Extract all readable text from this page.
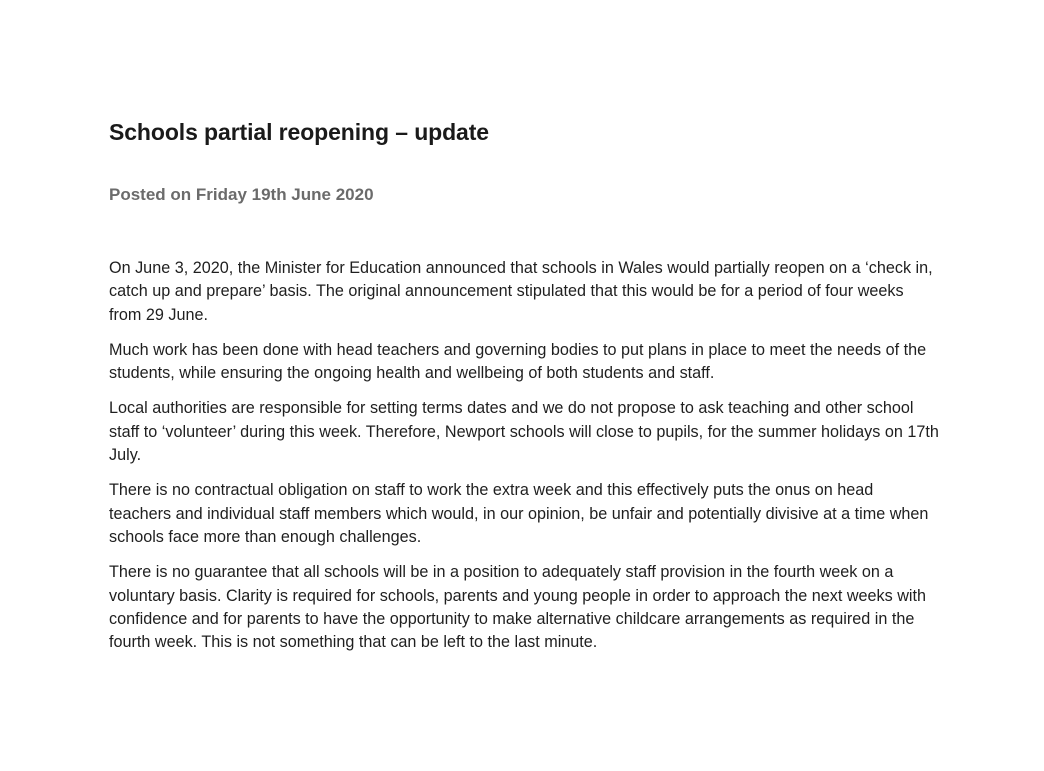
Schools partial reopening – update
Posted on Friday 19th June 2020

On June 3, 2020, the Minister for Education announced that schools in Wales would partially reopen on a ‘check in, catch up and prepare’ basis. The original announcement stipulated that this would be for a period of four weeks from 29 June.

Much work has been done with head teachers and governing bodies to put plans in place to meet the needs of the students, while ensuring the ongoing health and wellbeing of both students and staff.

Local authorities are responsible for setting terms dates and we do not propose to ask teaching and other school staff to ‘volunteer’ during this week. Therefore, Newport schools will close to pupils, for the summer holidays on 17th July.

There is no contractual obligation on staff to work the extra week and this effectively puts the onus on head teachers and individual staff members which would, in our opinion, be unfair and potentially divisive at a time when schools face more than enough challenges.

There is no guarantee that all schools will be in a position to adequately staff provision in the fourth week on a voluntary basis. Clarity is required for schools, parents and young people in order to approach the next weeks with confidence and for parents to have the opportunity to make alternative childcare arrangements as required in the fourth week. This is not something that can be left to the last minute.
